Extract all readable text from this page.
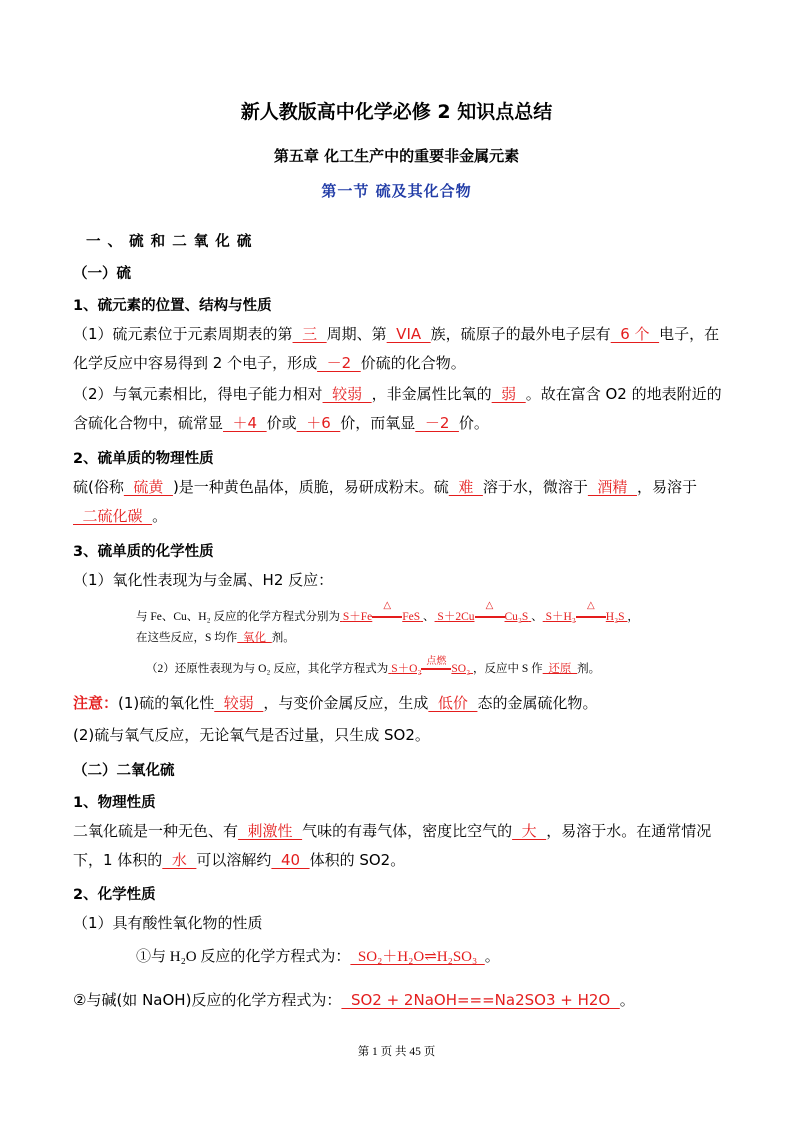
新人教版高中化学必修 2 知识点总结
第五章 化工生产中的重要非金属元素
第一节 硫及其化合物
一 、 硫 和 二 氧 化 硫
（一）硫
1、硫元素的位置、结构与性质
（1）硫元素位于元素周期表的第  三  周期、第  VIA  族，硫原子的最外电子层有  6 个  电子，在化学反应中容易得到 2 个电子，形成  －2  价硫的化合物。
（2）与氧元素相比，得电子能力相对  较弱  ，非金属性比氧的  弱  。故在富含 O2 的地表附近的含硫化合物中，硫常显  ＋4  价或  ＋6  价，而氧显  －2  价。
2、硫单质的物理性质
硫(俗称  硫黄  )是一种黄色晶体，质脆，易研成粉末。硫  难  溶于水，微溶于  酒精  ，易溶于   二硫化碳  。
3、硫单质的化学性质
（1）氧化性表现为与金属、H2 反应：
与 Fe、Cu、H₂ 反应的化学方程式分别为 S＋Fe
△
FeS 、 S＋2Cu
△
Cu₂S 、 S＋H₂
△
H₂S ，
在这些反应，S 均作  氧化  剂。
（2）还原性表现为与 O₂ 反应，其化学方程式为 S＋O₂
点燃
SO₂ ，反应中 S 作  还原  剂。
注意：(1)硫的氧化性  较弱  ，与变价金属反应，生成  低价  态的金属硫化物。
(2)硫与氧气反应，无论氧气是否过量，只生成 SO2。
（二）二氧化硫
1、物理性质
二氧化硫是一种无色、有  刺激性  气味的有毒气体，密度比空气的  大  ，易溶于水。在通常情况下，1 体积的  水  可以溶解约  40  体积的 SO2。
2、化学性质
（1）具有酸性氧化物的性质
①与 H₂O 反应的化学方程式为：  SO₂＋H₂O⇌H₂SO₃  。
②与碱(如 NaOH)反应的化学方程式为：  SO2 + 2NaOH===Na2SO3 + H2O  。
第 1 页 共 45 页
